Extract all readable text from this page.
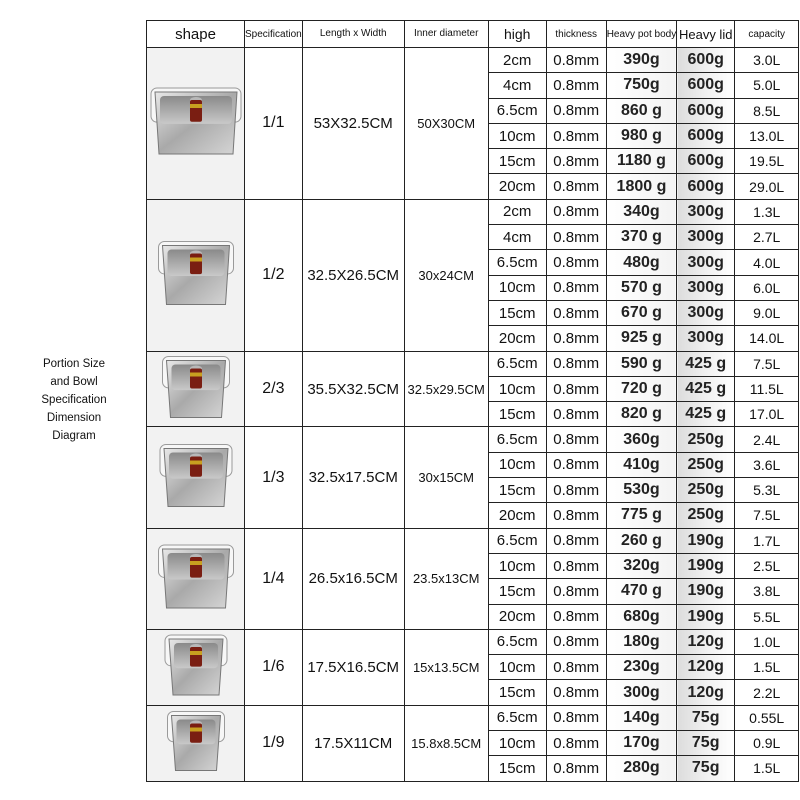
Portion Size
and Bowl
Specification
Dimension
Diagram
shape	Specification	Length x Width	Inner diameter	high	thickness	Heavy pot body	Heavy lid	capacity

	1/1	53X32.5CM	50X30CM	2cm	0.8mm	390g	600g	3.0L
				4cm	0.8mm	750g	600g	5.0L
				6.5cm	0.8mm	860 g	600g	8.5L
				10cm	0.8mm	980 g	600g	13.0L
				15cm	0.8mm	1180 g	600g	19.5L
				20cm	0.8mm	1800 g	600g	29.0L

	1/2	32.5X26.5CM	30x24CM	2cm	0.8mm	340g	300g	1.3L
				4cm	0.8mm	370 g	300g	2.7L
				6.5cm	0.8mm	480g	300g	4.0L
				10cm	0.8mm	570 g	300g	6.0L
				15cm	0.8mm	670 g	300g	9.0L
				20cm	0.8mm	925 g	300g	14.0L

	2/3	35.5X32.5CM	32.5x29.5CM	6.5cm	0.8mm	590 g	425 g	7.5L
				10cm	0.8mm	720 g	425 g	11.5L
				15cm	0.8mm	820 g	425 g	17.0L

	1/3	32.5x17.5CM	30x15CM	6.5cm	0.8mm	360g	250g	2.4L
				10cm	0.8mm	410g	250g	3.6L
				15cm	0.8mm	530g	250g	5.3L
				20cm	0.8mm	775 g	250g	7.5L

	1/4	26.5x16.5CM	23.5x13CM	6.5cm	0.8mm	260 g	190g	1.7L
				10cm	0.8mm	320g	190g	2.5L
				15cm	0.8mm	470 g	190g	3.8L
				20cm	0.8mm	680g	190g	5.5L

	1/6	17.5X16.5CM	15x13.5CM	6.5cm	0.8mm	180g	120g	1.0L
				10cm	0.8mm	230g	120g	1.5L
				15cm	0.8mm	300g	120g	2.2L

	1/9	17.5X11CM	15.8x8.5CM	6.5cm	0.8mm	140g	75g	0.55L
				10cm	0.8mm	170g	75g	0.9L
				15cm	0.8mm	280g	75g	1.5L
